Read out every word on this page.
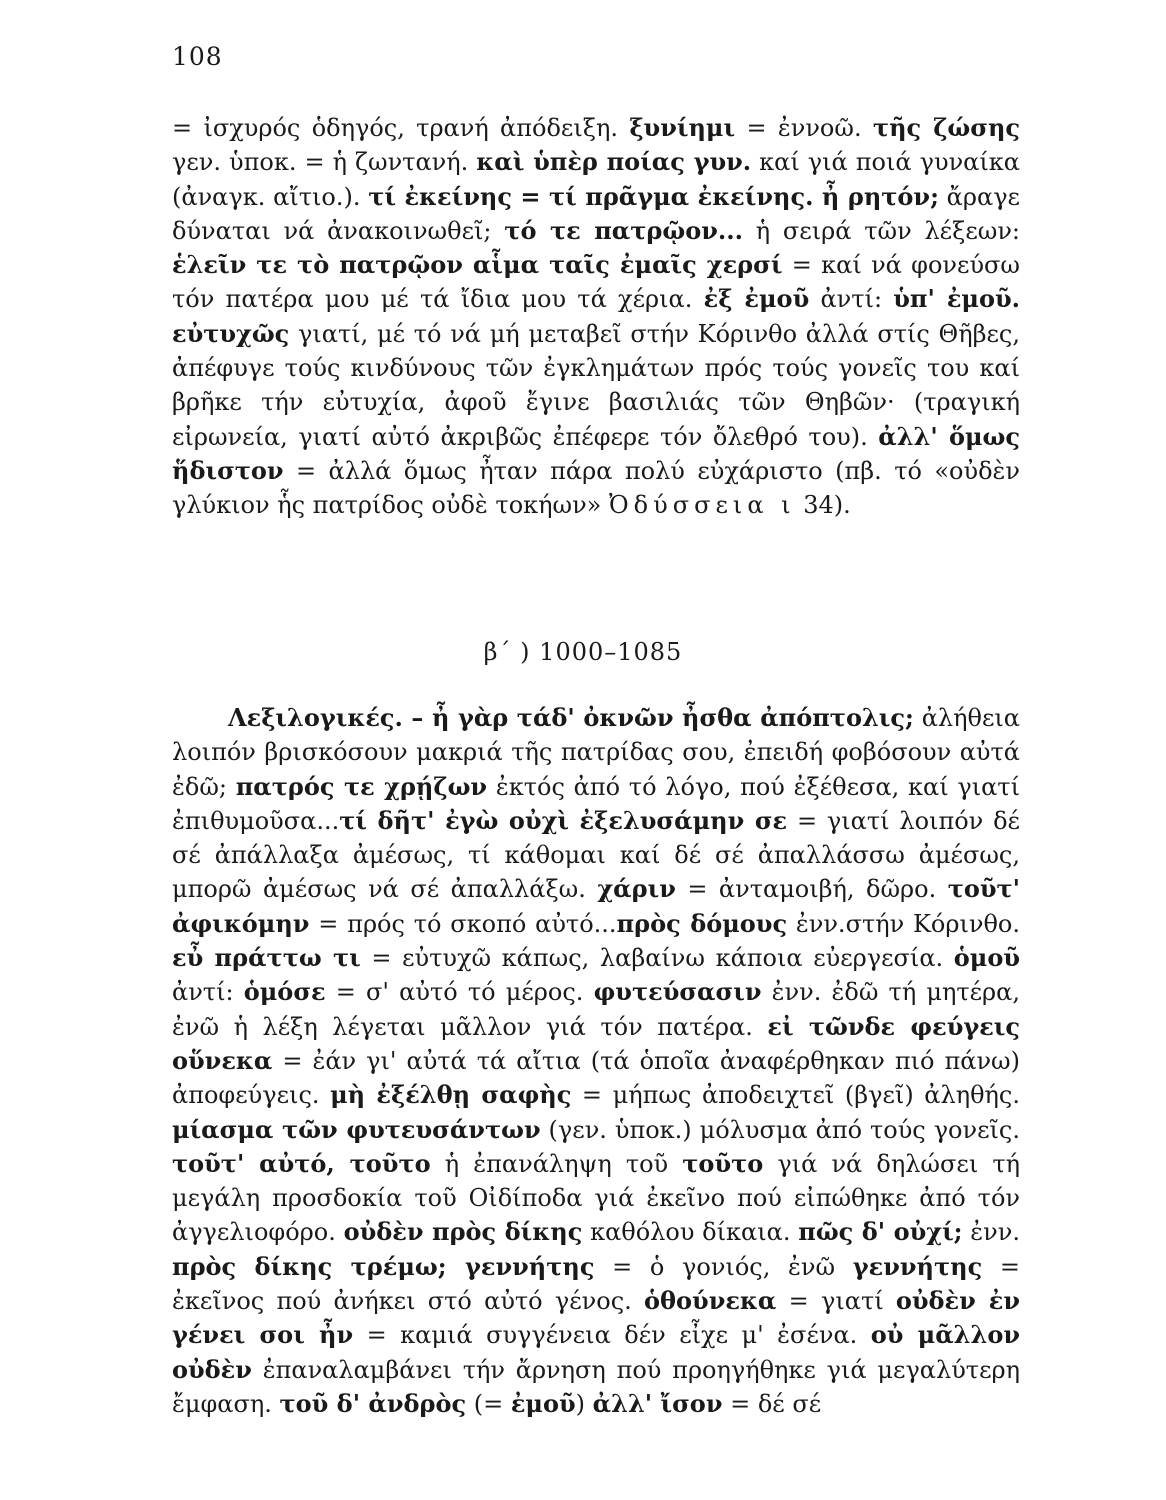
108
= ἰσχυρός ὁδηγός, τρανή ἀπόδειξη. ξυνίημι = ἐννοῶ. τῆς ζώσης γεν. ὑποκ. = ἡ ζωντανή. καὶ ὑπὲρ ποίας γυν. καί γιά ποιά γυναίκα (ἀναγκ. αἴτιο.). τί ἐκείνης = τί πρᾶγμα ἐκείνης. ἦ ρητόν; ἄραγε δύναται νά ἀνακοινωθεῖ; τό τε πατρῷον... ἡ σειρά τῶν λέξεων: ἑλεῖν τε τὸ πατρῷον αἷμα ταῖς ἐμαῖς χερσί = καί νά φονεύσω τόν πατέρα μου μέ τά ἴδια μου τά χέρια. ἐξ ἐμοῦ ἀντί: ὑπ' ἐμοῦ. εὐτυχῶς γιατί, μέ τό νά μή μεταβεῖ στήν Κόρινθο ἀλλά στίς Θῆβες, ἀπέφυγε τούς κινδύνους τῶν ἐγκλημάτων πρός τούς γονεῖς του καί βρῆκε τήν εὐτυχία, ἀφοῦ ἔγινε βασιλιάς τῶν Θηβῶν· (τραγική εἰρωνεία, γιατί αὐτό ἀκριβῶς ἐπέφερε τόν ὄλεθρό του). ἀλλ' ὅμως ἥδιστον = ἀλλά ὅμως ἦταν πάρα πολύ εὐχάριστο (πβ. τό «οὐδὲν γλύκιον ἧς πατρίδος οὐδὲ τοκήων» Ὀδύσσεια ι 34).
β΄ ) 1000–1085
Λεξιλογικές. – ἦ γὰρ τάδ' ὀκνῶν ἦσθα ἀπόπτολις; ἀλήθεια λοιπόν βρισκόσουν μακριά τῆς πατρίδας σου, ἐπειδή φοβόσουν αὐτά ἐδῶ; πατρός τε χρῄζων ἐκτός ἀπό τό λόγο, πού ἐξέθεσα, καί γιατί ἐπιθυμοῦσα...τί δῆτ' ἐγὼ οὐχὶ ἐξελυσάμην σε = γιατί λοιπόν δέ σέ ἀπάλλαξα ἀμέσως, τί κάθομαι καί δέ σέ ἀπαλλάσσω ἀμέσως, μπορῶ ἀμέσως νά σέ ἀπαλλάξω. χάριν = ἀνταμοιβή, δῶρο. τοῦτ' ἀφικόμην = πρός τό σκοπό αὐτό...πρὸς δόμους ἐνν.στήν Κόρινθο. εὖ πράττω τι = εὐτυχῶ κάπως, λαβαίνω κάποια εὐεργεσία. ὁμοῦ ἀντί: ὁμόσε = σ' αὐτό τό μέρος. φυτεύσασιν ἐνν. ἐδῶ τή μητέρα, ἐνῶ ἡ λέξη λέγεται μᾶλλον γιά τόν πατέρα. εἰ τῶνδε φεύγεις οὕνεκα = ἐάν γι' αὐτά τά αἴτια (τά ὁποῖα ἀναφέρθηκαν πιό πάνω) ἀποφεύγεις. μὴ ἐξέλθῃ σαφὴς = μήπως ἀποδειχτεῖ (βγεῖ) ἀληθής. μίασμα τῶν φυτευσάντων (γεν. ὑποκ.) μόλυσμα ἀπό τούς γονεῖς. τοῦτ' αὐτό, τοῦτο ἡ ἐπανάληψη τοῦ τοῦτο γιά νά δηλώσει τή μεγάλη προσδοκία τοῦ Οἰδίποδα γιά ἐκεῖνο πού εἰπώθηκε ἀπό τόν ἀγγελιοφόρο. οὐδὲν πρὸς δίκης καθόλου δίκαια. πῶς δ' οὐχί; ἐνν. πρὸς δίκης τρέμω; γεννήτης = ὁ γονιός, ἐνῶ γεννήτης = ἐκεῖνος πού ἀνήκει στό αὐτό γένος. ὁθούνεκα = γιατί οὐδὲν ἐν γένει σοι ἦν = καμιά συγγένεια δέν εἶχε μ' ἐσένα. οὐ μᾶλλον οὐδὲν ἐπαναλαμβάνει τήν ἄρνηση πού προηγήθηκε γιά μεγαλύτερη ἔμφαση. τοῦ δ' ἀνδρὸς (= ἐμοῦ) ἀλλ' ἴσον = δέ σέ
